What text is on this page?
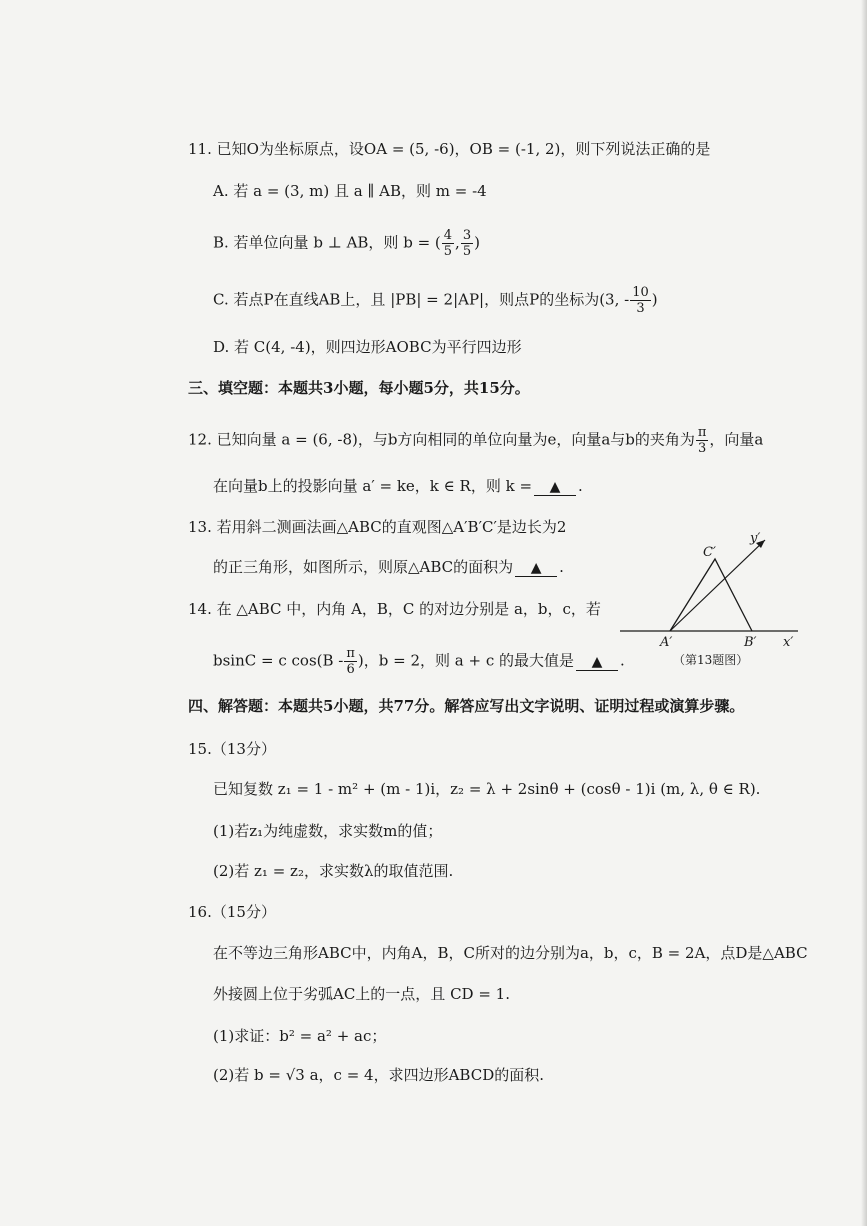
11. 已知O为坐标原点，设OA = (5, -6)，OB = (-1, 2)，则下列说法正确的是
A. 若 a = (3, m) 且 a ∥ AB，则 m = -4
B. 若单位向量 b ⊥ AB，则 b = ( $\frac{4}{5}$ , $\frac{3}{5}$ )
C. 若点P在直线AB上，且 |PB| = 2|AP|，则点P的坐标为(3, - $\frac{10}{3}$ )
D. 若 C(4, -4)，则四边形AOBC为平行四边形
三、填空题：本题共3小题，每小题5分，共15分。
12. 已知向量 a = (6, -8)，与b方向相同的单位向量为e，向量a与b的夹角为 $\frac{\pi}{3}$ ，向量a
在向量b上的投影向量 a′ = ke，k ∈ R，则 k = ▲ .
13. 若用斜二测画法画△ABC的直观图△A′B′C′是边长为2
的正三角形，如图所示，则原△ABC的面积为 ▲ .
14. 在 △ABC 中，内角 A，B，C 的对边分别是 a，b，c，若
bsinC = c $\cos(B - \frac{\pi}{6}$ )，b = 2，则 a + c 的最大值是 ▲ .
C′
y′
A′	B′ x′
（第13题图）
四、解答题：本题共5小题，共77分。解答应写出文字说明、证明过程或演算步骤。
15.（13分）
已知复数 z₁ = 1 - m² + (m - 1)i，z₂ = λ + 2sinθ + (cosθ - 1)i (m, λ, θ ∈ R).
(1)若z₁为纯虚数，求实数m的值；
(2)若 z₁ = z₂，求实数λ的取值范围.
16.（15分）
在不等边三角形ABC中，内角A，B，C所对的边分别为a，b，c，B = 2A，点D是△ABC
外接圆上位于劣弧AC上的一点，且 CD = 1.
(1)求证：b² = a² + ac；
(2)若 b = √3 a，c = 4，求四边形ABCD的面积.
